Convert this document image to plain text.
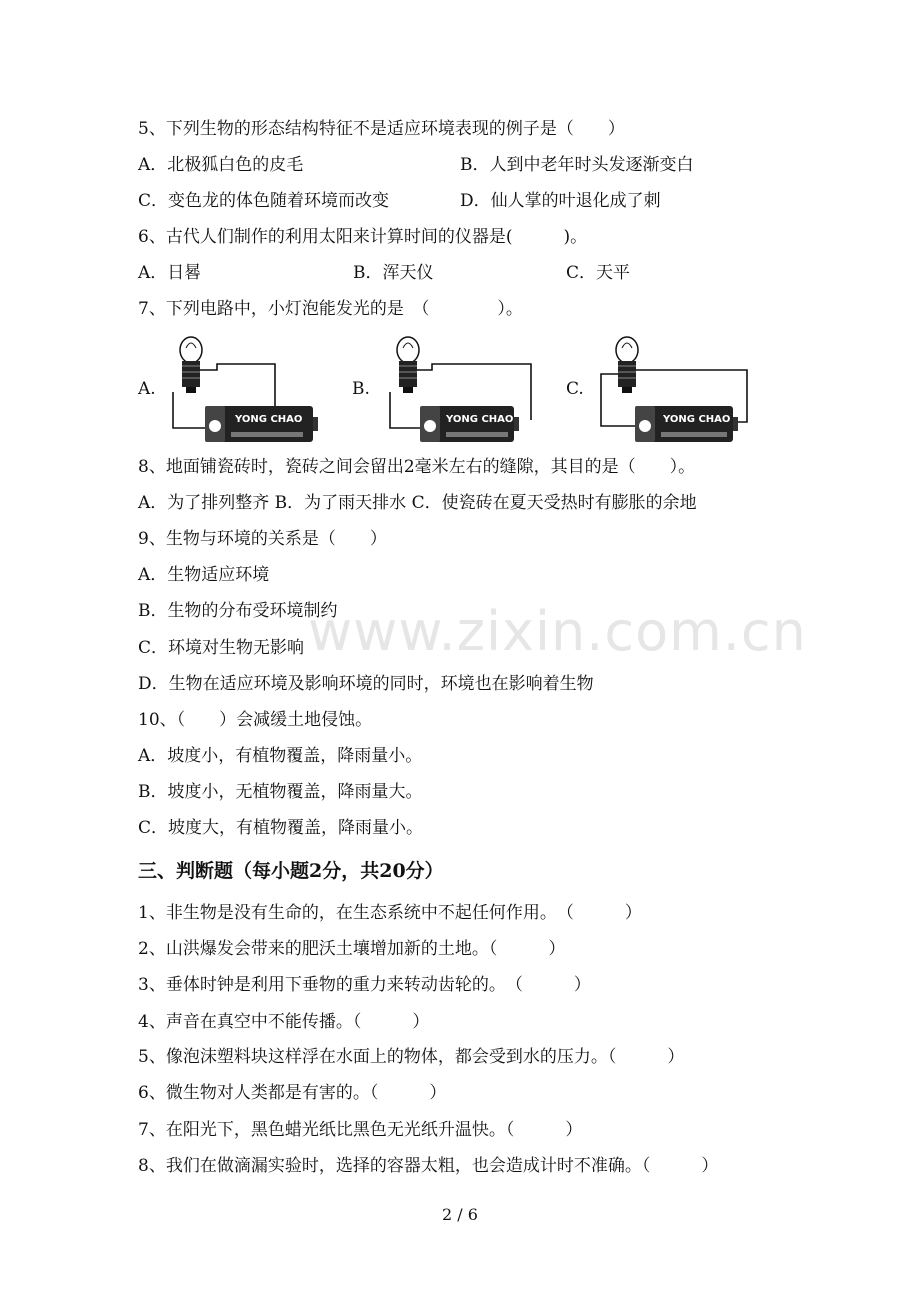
www.zixin.com.cn
5、下列生物的形态结构特征不是适应环境表现的例子是（　　）
A．北极狐白色的皮毛	B．人到中老年时头发逐渐变白
C．变色龙的体色随着环境而改变	D．仙人掌的叶退化成了刺
6、古代人们制作的利用太阳来计算时间的仪器是(　　　)。
A．日晷	B．浑天仪	C．天平
7、下列电路中，小灯泡能发光的是　（　　　　）。
A.	B.	C.
YONG CHAO	YONG CHAO	YONG CHAO
8、地面铺瓷砖时，瓷砖之间会留出2毫米左右的缝隙，其目的是（　　）。
A．为了排列整齐 B．为了雨天排水 C．使瓷砖在夏天受热时有膨胀的余地
9、生物与环境的关系是（　　）
A．生物适应环境
B．生物的分布受环境制约
C．环境对生物无影响
D．生物在适应环境及影响环境的同时，环境也在影响着生物
10、（　　）会减缓土地侵蚀。
A．坡度小，有植物覆盖，降雨量小。
B．坡度小，无植物覆盖，降雨量大。
C．坡度大，有植物覆盖，降雨量小。
三、判断题（每小题2分，共20分）
1、非生物是没有生命的，在生态系统中不起任何作用。　（　　　）
2、山洪爆发会带来的肥沃土壤增加新的土地。（　　　）
3、垂体时钟是利用下垂物的重力来转动齿轮的。　（　　　）
4、声音在真空中不能传播。（　　　）
5、像泡沫塑料块这样浮在水面上的物体，都会受到水的压力。（　　　）
6、微生物对人类都是有害的。（　　　）
7、在阳光下，黑色蜡光纸比黑色无光纸升温快。（　　　）
8、我们在做滴漏实验时，选择的容器太粗，也会造成计时不准确。（　　　）
2 / 6
